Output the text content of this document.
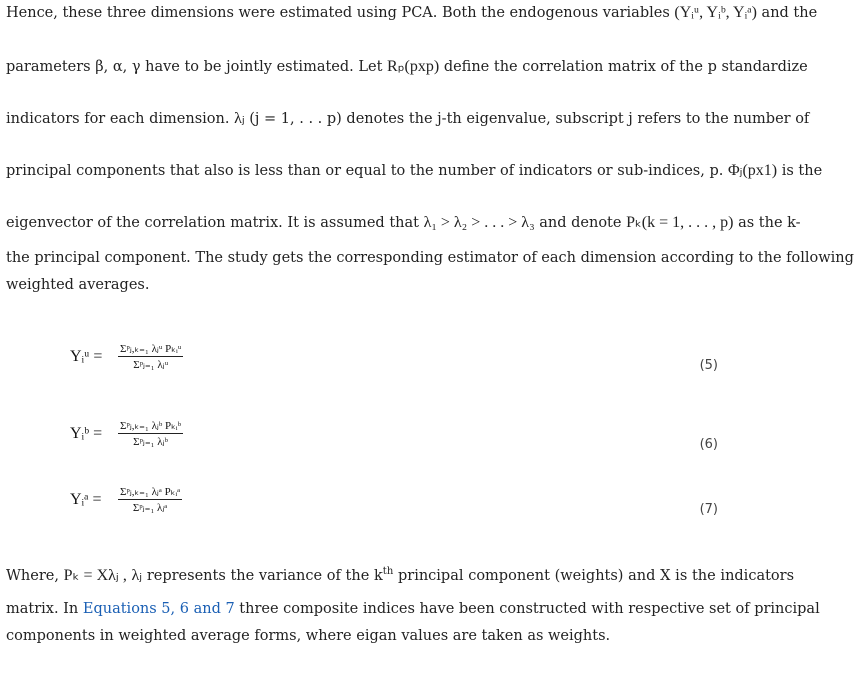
Hence, these three dimensions were estimated using PCA. Both the endogenous variables (Yᵢᵘ, Yᵢᵇ, Yᵢᵃ) and the
parameters β, α, γ have to be jointly estimated. Let Rₚ(pxp) define the correlation matrix of the p standardize
indicators for each dimension. λⱼ (j = 1, . . . p) denotes the j-th eigenvalue, subscript j refers to the number of
principal components that also is less than or equal to the number of indicators or sub-indices, p. Φⱼ(px1) is the
eigenvector of the correlation matrix. It is assumed that λ₁ > λ₂ > . . . > λ₃ and denote Pₖ(k = 1, . . . , p) as the k-
the principal component. The study gets the corresponding estimator of each dimension according to the following
weighted averages.
Yᵢᵘ = Σᵖⱼ,ₖ₌₁ λⱼᵘ Pₖᵢᵘ
Σᵖⱼ₌₁ λⱼᵘ	(5)
Yᵢᵇ = Σᵖⱼ,ₖ₌₁ λⱼᵇ Pₖᵢᵇ
Σᵖⱼ₌₁ λⱼᵇ	(6)
Yᵢᵃ = Σᵖⱼ,ₖ₌₁ λⱼᵃ Pₖᵢᵃ
Σᵖⱼ₌₁ λⱼᵃ	(7)
Where, Pₖ = Xλⱼ , λⱼ represents the variance of the $k^{th}$ principal component (weights) and X is the indicators
matrix. In Equations 5, 6 and 7 three composite indices have been constructed with respective set of principal
components in weighted average forms, where eigan values are taken as weights.
